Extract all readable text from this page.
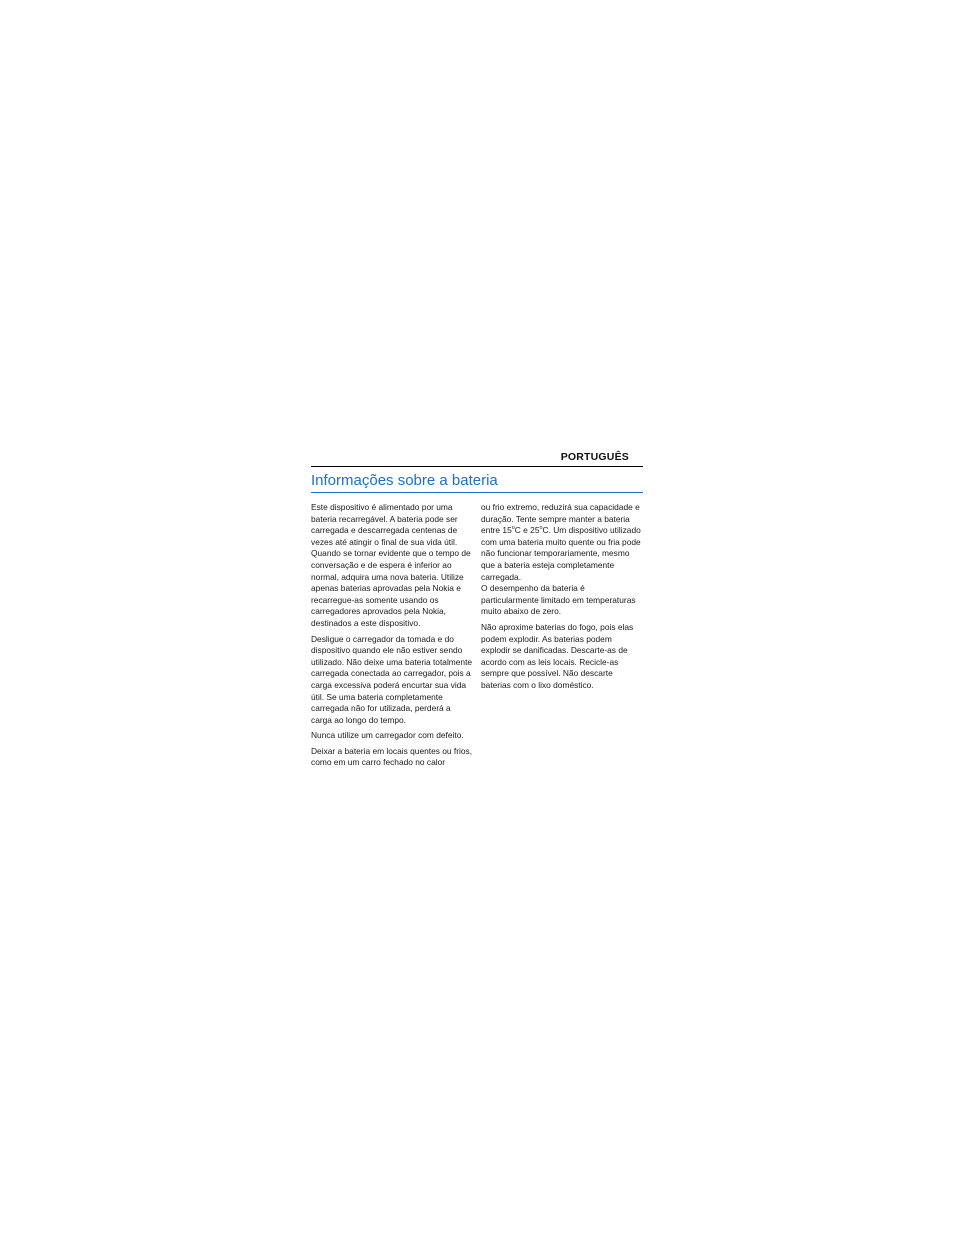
PORTUGUÊS
Informações sobre a bateria

Este dispositivo é alimentado por uma bateria recarregável. A bateria pode ser carregada e descarregada centenas de vezes até atingir o final de sua vida útil. Quando se tornar evidente que o tempo de conversação e de espera é inferior ao normal, adquira uma nova bateria. Utilize apenas baterias aprovadas pela Nokia e recarregue-as somente usando os carregadores aprovados pela Nokia, destinados a este dispositivo.

Desligue o carregador da tomada e do dispositivo quando ele não estiver sendo utilizado. Não deixe uma bateria totalmente carregada conectada ao carregador, pois a carga excessiva poderá encurtar sua vida útil. Se uma bateria completamente carregada não for utilizada, perderá a carga ao longo do tempo.

Nunca utilize um carregador com defeito.

Deixar a bateria em locais quentes ou frios, como em um carro fechado no calor

ou frio extremo, reduzirá sua capacidade e duração. Tente sempre manter a bateria entre 15$^o$C e 25$^o$C. Um dispositivo utilizado com uma bateria muito quente ou fria pode não funcionar temporariamente, mesmo que a bateria esteja completamente carregada.
O desempenho da bateria é particularmente limitado em temperaturas muito abaixo de zero.

Não aproxime baterias do fogo, pois elas podem explodir. As baterias podem explodir se danificadas. Descarte-as de acordo com as leis locais. Recicle-as sempre que possível. Não descarte baterias com o lixo doméstico.
